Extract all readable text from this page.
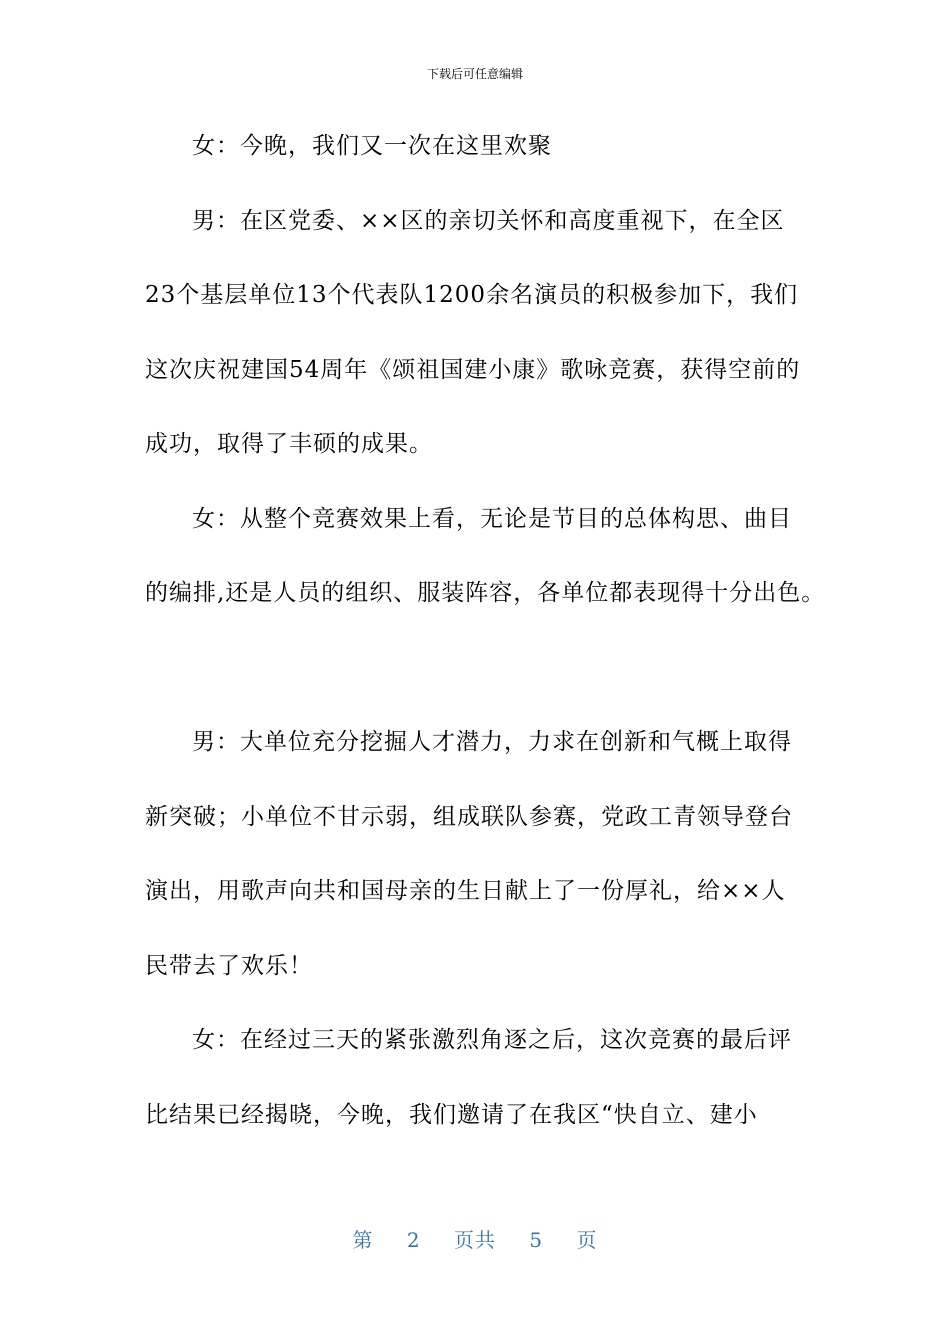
下载后可任意编辑
女：今晚，我们又一次在这里欢聚
男：在区党委、××区的亲切关怀和高度重视下，在全区
23个基层单位13个代表队1200余名演员的积极参加下，我们
这次庆祝建国54周年《颂祖国建小康》歌咏竞赛，获得空前的
成功，取得了丰硕的成果。
女：从整个竞赛效果上看，无论是节目的总体构思、曲目
的编排,还是人员的组织、服装阵容，各单位都表现得十分出色。
男：大单位充分挖掘人才潜力，力求在创新和气概上取得
新突破；小单位不甘示弱，组成联队参赛，党政工青领导登台
演出，用歌声向共和国母亲的生日献上了一份厚礼，给××人
民带去了欢乐！
女：在经过三天的紧张激烈角逐之后，这次竞赛的最后评
比结果已经揭晓，今晚，我们邀请了在我区“快自立、建小
第 2 页共 5 页
